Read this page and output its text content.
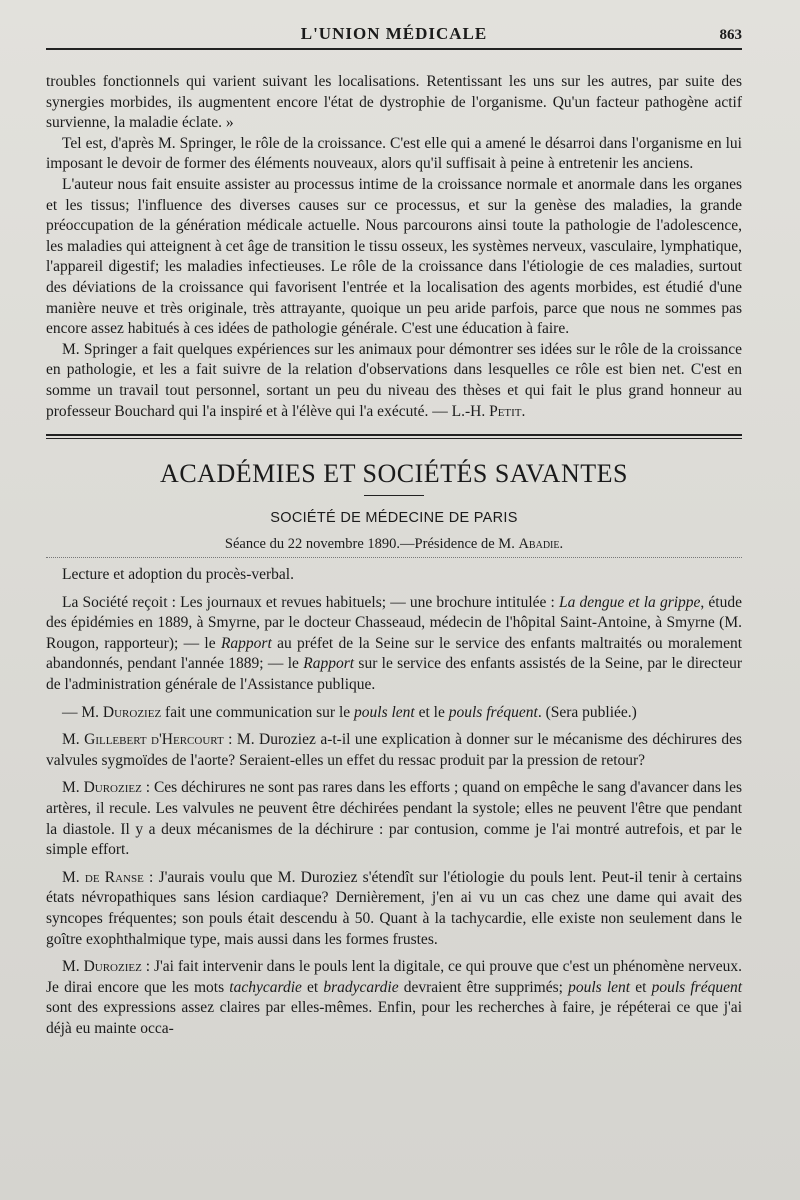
L'UNION MÉDICALE	863

troubles fonctionnels qui varient suivant les localisations. Retentissant les uns sur les autres, par suite des synergies morbides, ils augmentent encore l'état de dystrophie de l'organisme. Qu'un facteur pathogène actif survienne, la maladie éclate. »

Tel est, d'après M. Springer, le rôle de la croissance. C'est elle qui a amené le désarroi dans l'organisme en lui imposant le devoir de former des éléments nouveaux, alors qu'il suffisait à peine à entretenir les anciens.

L'auteur nous fait ensuite assister au processus intime de la croissance normale et anormale dans les organes et les tissus; l'influence des diverses causes sur ce processus, et sur la genèse des maladies, la grande préoccupation de la génération médicale actuelle. Nous parcourons ainsi toute la pathologie de l'adolescence, les maladies qui atteignent à cet âge de transition le tissu osseux, les systèmes nerveux, vasculaire, lymphatique, l'appareil digestif; les maladies infectieuses. Le rôle de la croissance dans l'étiologie de ces maladies, surtout des déviations de la croissance qui favorisent l'entrée et la localisation des agents morbides, est étudié d'une manière neuve et très originale, très attrayante, quoique un peu aride parfois, parce que nous ne sommes pas encore assez habitués à ces idées de pathologie générale. C'est une éducation à faire.

M. Springer a fait quelques expériences sur les animaux pour démontrer ses idées sur le rôle de la croissance en pathologie, et les a fait suivre de la relation d'observations dans lesquelles ce rôle est bien net. C'est en somme un travail tout personnel, sortant un peu du niveau des thèses et qui fait le plus grand honneur au professeur Bouchard qui l'a inspiré et à l'élève qui l'a exécuté. — L.-H. Petit.

ACADÉMIES ET SOCIÉTÉS SAVANTES
SOCIÉTÉ DE MÉDECINE DE PARIS
Séance du 22 novembre 1890.—Présidence de M. Abadie.

Lecture et adoption du procès-verbal.

La Société reçoit : Les journaux et revues habituels; — une brochure intitulée : La dengue et la grippe, étude des épidémies en 1889, à Smyrne, par le docteur Chasseaud, médecin de l'hôpital Saint-Antoine, à Smyrne (M. Rougon, rapporteur); — le Rapport au préfet de la Seine sur le service des enfants maltraités ou moralement abandonnés, pendant l'année 1889; — le Rapport sur le service des enfants assistés de la Seine, par le directeur de l'administration générale de l'Assistance publique.

— M. Duroziez fait une communication sur le pouls lent et le pouls fréquent. (Sera publiée.)

M. Gillebert d'Hercourt : M. Duroziez a-t-il une explication à donner sur le mécanisme des déchirures des valvules sygmoïdes de l'aorte? Seraient-elles un effet du ressac produit par la pression de retour?

M. Duroziez : Ces déchirures ne sont pas rares dans les efforts ; quand on empêche le sang d'avancer dans les artères, il recule. Les valvules ne peuvent être déchirées pendant la systole; elles ne peuvent l'être que pendant la diastole. Il y a deux mécanismes de la déchirure : par contusion, comme je l'ai montré autrefois, et par le simple effort.

M. de Ranse : J'aurais voulu que M. Duroziez s'étendît sur l'étiologie du pouls lent. Peut-il tenir à certains états névropathiques sans lésion cardiaque? Dernièrement, j'en ai vu un cas chez une dame qui avait des syncopes fréquentes; son pouls était descendu à 50. Quant à la tachycardie, elle existe non seulement dans le goître exophthalmique type, mais aussi dans les formes frustes.

M. Duroziez : J'ai fait intervenir dans le pouls lent la digitale, ce qui prouve que c'est un phénomène nerveux. Je dirai encore que les mots tachycardie et bradycardie devraient être supprimés; pouls lent et pouls fréquent sont des expressions assez claires par elles-mêmes. Enfin, pour les recherches à faire, je répéterai ce que j'ai déjà eu mainte occa-
